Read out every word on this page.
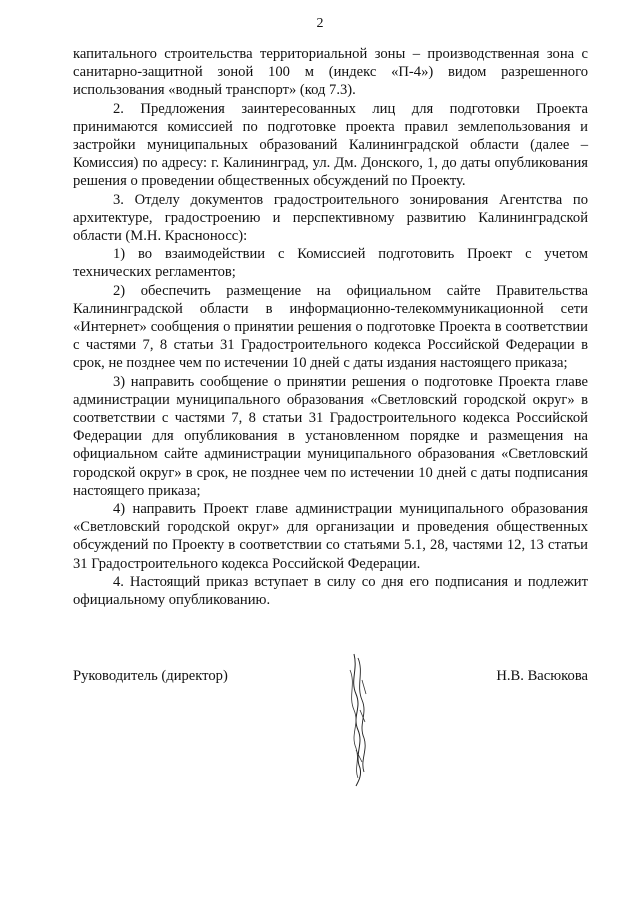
2

капитального строительства территориальной зоны – производственная зона с санитарно-защитной зоной 100 м (индекс «П-4») видом разрешенного использования «водный транспорт» (код 7.3).

2. Предложения заинтересованных лиц для подготовки Проекта принимаются комиссией по подготовке проекта правил землепользования и застройки муниципальных образований Калининградской области (далее – Комиссия) по адресу: г. Калининград, ул. Дм. Донского, 1, до даты опубликования решения о проведении общественных обсуждений по Проекту.

3. Отделу документов градостроительного зонирования Агентства по архитектуре, градостроению и перспективному развитию Калининградской области (М.Н. Красноносс):

1) во взаимодействии с Комиссией подготовить Проект с учетом технических регламентов;

2) обеспечить размещение на официальном сайте Правительства Калининградской области в информационно-телекоммуникационной сети «Интернет» сообщения о принятии решения о подготовке Проекта в соответствии с частями 7, 8 статьи 31 Градостроительного кодекса Российской Федерации в срок, не позднее чем по истечении 10 дней с даты издания настоящего приказа;

3) направить сообщение о принятии решения о подготовке Проекта главе администрации муниципального образования «Светловский городской округ» в соответствии с частями 7, 8 статьи 31 Градостроительного кодекса Российской Федерации для опубликования в установленном порядке и размещения на официальном сайте администрации муниципального образования «Светловский городской округ» в срок, не позднее чем по истечении 10 дней с даты подписания настоящего приказа;

4) направить Проект главе администрации муниципального образования «Светловский городской округ» для организации и проведения общественных обсуждений по Проекту в соответствии со статьями 5.1, 28, частями 12, 13 статьи 31 Градостроительного кодекса Российской Федерации.

4. Настоящий приказ вступает в силу со дня его подписания и подлежит официальному опубликованию.

Руководитель (директор)	Н.В. Васюкова
